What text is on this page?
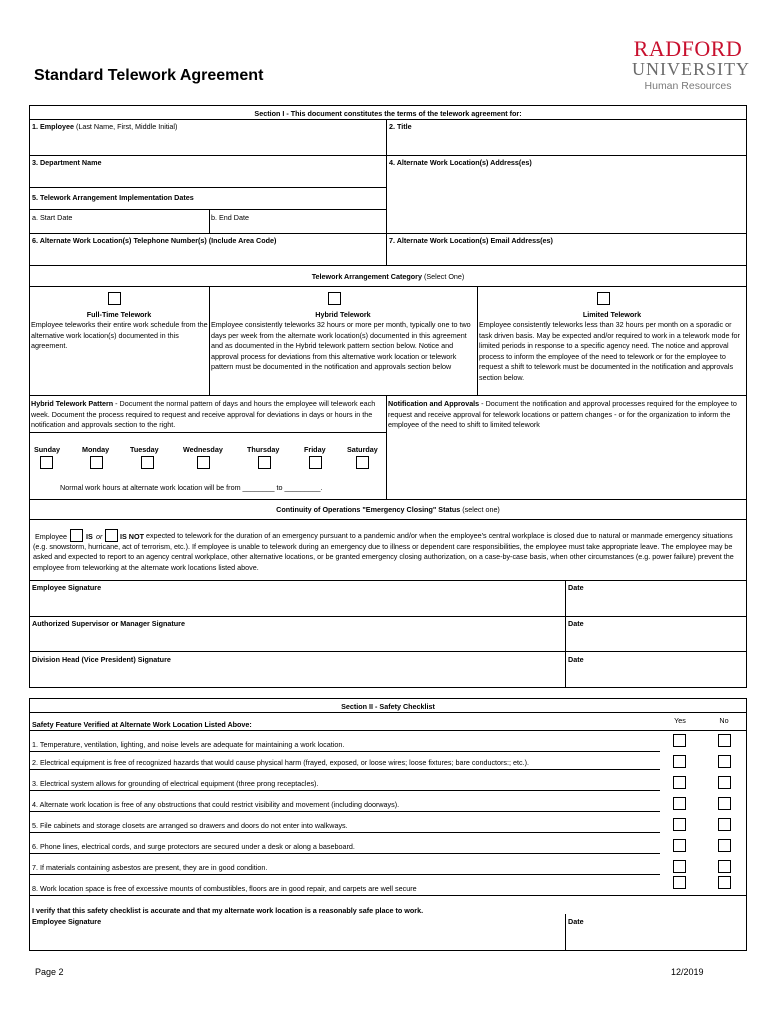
Standard Telework Agreement
RADFORD
UNIVERSITY
Human Resources
Section I - This document constitutes the terms of the telework agreement for:
1. Employee (Last Name, First, Middle Initial)	2. Title
3. Department Name	4. Alternate Work Location(s) Address(es)
5. Telework Arrangement Implementation Dates
a. Start Date	b. End Date
6. Alternate Work Location(s) Telephone Number(s) (Include Area Code)	7. Alternate Work Location(s) Email Address(es)
Telework Arrangement Category (Select One)
Full-Time Telework	Hybrid Telework	Limited Telework
Employee teleworks their entire work schedule from the alternative work location(s) documented in this agreement.
Employee consistently teleworks 32 hours or more per month, typically one to two days per week from the alternate work location(s) documented in this agreement and as documented in the Hybrid telework pattern section below. Notice and approval process for deviations from this alternative work location or telework pattern must be documented in the notification and approvals section below
Employee consistently teleworks less than 32 hours per month on a sporadic or task driven basis. May be expected and/or required to work in a telework mode for limited periods in response to a specific agency need. The notice and approval process to inform the employee of the need to telework or for the employee to request a shift to telework must be documented in the notification and approvals section below.
Hybrid Telework Pattern - Document the normal pattern of days and hours the employee will telework each week. Document the process required to request and receive approval for deviations in days or hours in the notification and approvals section to the right.
Notification and Approvals - Document the notification and approval processes required for the employee to request and receive approval for telework locations or pattern changes - or for the organization to inform the employee of the need to shift to limited telework
Sunday	Monday	Tuesday	Wednesday	Thursday	Friday	Saturday
Normal work hours at alternate work location will be from ________ to _________.
Continuity of Operations "Emergency Closing" Status (select one)
Employee	IS or IS NOT expected to telework for the duration of an emergency pursuant to a pandemic and/or when the employee's central workplace is closed due to natural or manmade emergency situations (e.g. snowstorm, hurricane, act of terrorism, etc.). If employee is unable to telework during an emergency due to illness or dependent care responsibilities, the employee must take appropriate leave. The employee may be asked and expected to report to an agency central workplace, other alternative locations, or be granted emergency closing authorization, on a case-by-case basis, when other circumstances (e.g. power failure) prevent the employee from teleworking at the alternate work locations listed above.
Employee Signature	Date
Authorized Supervisor or Manager Signature	Date
Division Head (Vice President) Signature	Date
Section II - Safety Checklist
Safety Feature Verified at Alternate Work Location Listed Above:	Yes	No
1. Temperature, ventilation, lighting, and noise levels are adequate for maintaining a work location.
2. Electrical equipment is free of recognized hazards that would cause physical harm (frayed, exposed, or loose wires; loose fixtures; bare conductors:; etc.).
3. Electrical system allows for grounding of electrical equipment (three prong receptacles).
4. Alternate work location is free of any obstructions that could restrict visibility and movement (including doorways).
5. File cabinets and storage closets are arranged so drawers and doors do not enter into walkways.
6. Phone lines, electrical cords, and surge protectors are secured under a desk or along a baseboard.
7. If materials containing asbestos are present, they are in good condition.
8. Work location space is free of excessive mounts of combustibles, floors are in good repair, and carpets are well secure
I verify that this safety checklist is accurate and that my alternate work location is a reasonably safe place to work.
Employee Signature	Date
Page 2	12/2019
